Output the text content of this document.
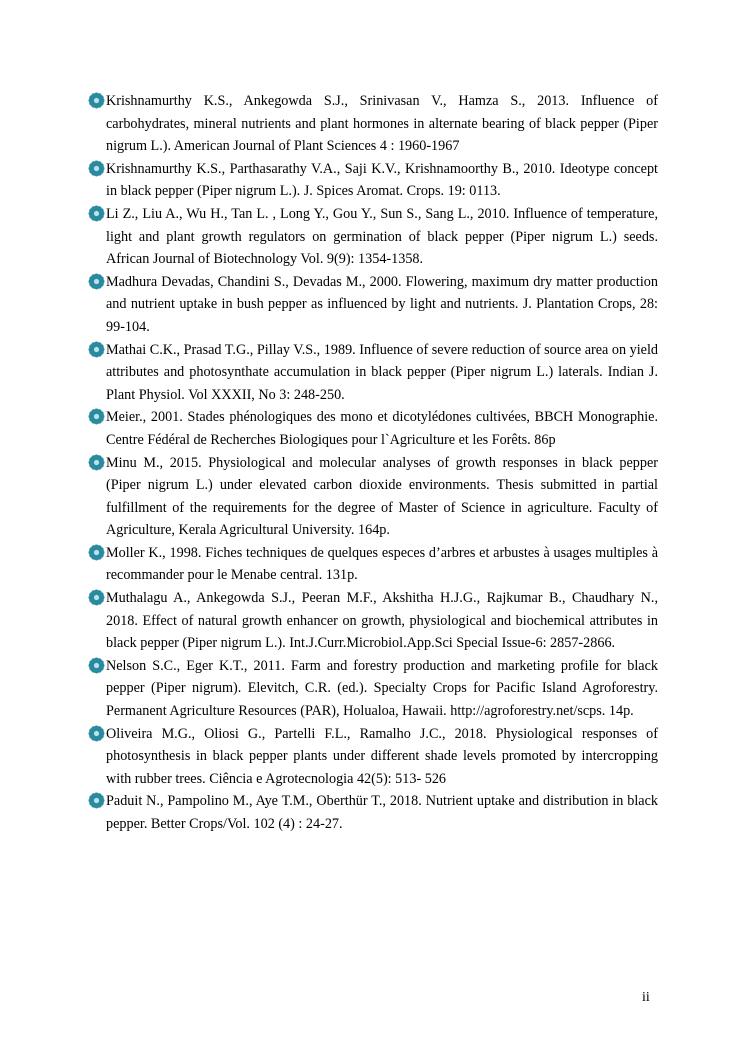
Krishnamurthy K.S., Ankegowda S.J., Srinivasan V., Hamza S., 2013. Influence of carbohydrates, mineral nutrients and plant hormones in alternate bearing of black pepper (Piper nigrum L.). American Journal of Plant Sciences 4 : 1960-1967

Krishnamurthy K.S., Parthasarathy V.A., Saji K.V., Krishnamoorthy B., 2010. Ideotype concept in black pepper (Piper nigrum L.). J. Spices Aromat. Crops. 19: 0113.

Li Z., Liu A., Wu H., Tan L. , Long Y., Gou Y., Sun S., Sang L., 2010. Influence of temperature, light and plant growth regulators on germination of black pepper (Piper nigrum L.) seeds. African Journal of Biotechnology Vol. 9(9): 1354-1358.

Madhura Devadas, Chandini S., Devadas M., 2000. Flowering, maximum dry matter production and nutrient uptake in bush pepper as influenced by light and nutrients. J. Plantation Crops, 28: 99-104.

Mathai C.K., Prasad T.G., Pillay V.S., 1989. Influence of severe reduction of source area on yield attributes and photosynthate accumulation in black pepper (Piper nigrum L.) laterals. Indian J. Plant Physiol. Vol XXXII, No 3: 248-250.

Meier., 2001. Stades phénologiques des mono et dicotylédones cultivées, BBCH Monographie. Centre Fédéral de Recherches Biologiques pour l`Agriculture et les Forêts. 86p

Minu M., 2015. Physiological and molecular analyses of growth responses in black pepper (Piper nigrum L.) under elevated carbon dioxide environments. Thesis submitted in partial fulfillment of the requirements for the degree of Master of Science in agriculture. Faculty of Agriculture, Kerala Agricultural University. 164p.

Moller K., 1998. Fiches techniques de quelques especes d’arbres et arbustes à usages multiples à recommander pour le Menabe central. 131p.

Muthalagu A., Ankegowda S.J., Peeran M.F., Akshitha H.J.G., Rajkumar B., Chaudhary N., 2018. Effect of natural growth enhancer on growth, physiological and biochemical attributes in black pepper (Piper nigrum L.). Int.J.Curr.Microbiol.App.Sci Special Issue-6: 2857-2866.

Nelson S.C., Eger K.T., 2011. Farm and forestry production and marketing profile for black pepper (Piper nigrum). Elevitch, C.R. (ed.). Specialty Crops for Pacific Island Agroforestry. Permanent Agriculture Resources (PAR), Holualoa, Hawaii. http://agroforestry.net/scps. 14p.

Oliveira M.G., Oliosi G., Partelli F.L., Ramalho J.C., 2018. Physiological responses of photosynthesis in black pepper plants under different shade levels promoted by intercropping with rubber trees. Ciência e Agrotecnologia 42(5): 513- 526

Paduit N., Pampolino M., Aye T.M., Oberthür T., 2018. Nutrient uptake and distribution in black pepper. Better Crops/Vol. 102 (4) : 24-27.

ii
